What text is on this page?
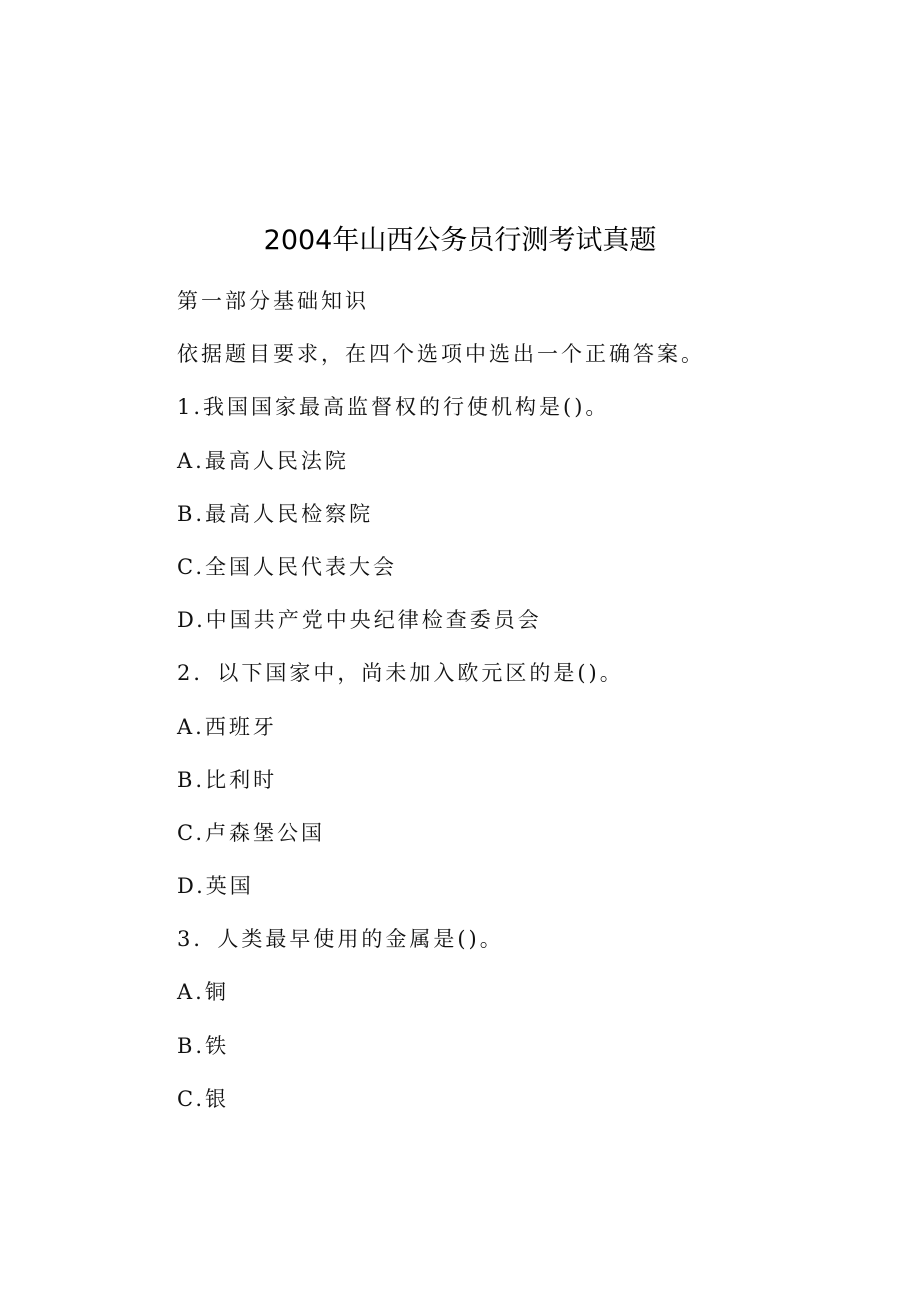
2004年山西公务员行测考试真题
第一部分基础知识
依据题目要求，在四个选项中选出一个正确答案。
1.我国国家最高监督权的行使机构是()。
A.最高人民法院
B.最高人民检察院
C.全国人民代表大会
D.中国共产党中央纪律检查委员会
2．以下国家中，尚未加入欧元区的是()。
A.西班牙
B.比利时
C.卢森堡公国
D.英国
3．人类最早使用的金属是()。
A.铜
B.铁
C.银
